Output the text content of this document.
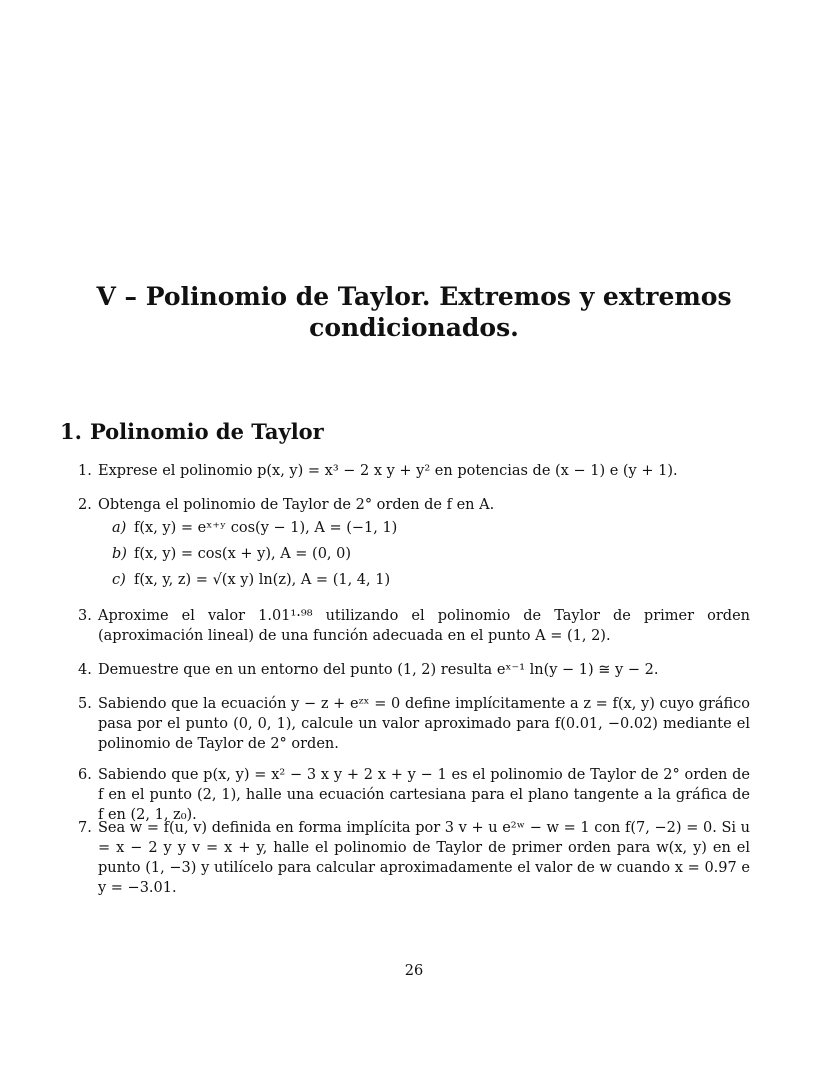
V – Polinomio de Taylor. Extremos y extremos condicionados.
1. Polinomio de Taylor
1. Exprese el polinomio p(x, y) = x³ − 2 x y + y² en potencias de (x − 1) e (y + 1).
2. Obtenga el polinomio de Taylor de 2° orden de f en A.
a) f(x, y) = eˣ⁺ʸ cos(y − 1), A = (−1, 1)
b) f(x, y) = cos(x + y), A = (0, 0)
c) f(x, y, z) = √(x y) ln(z), A = (1, 4, 1)
3. Aproxime el valor 1.01¹·⁹⁸ utilizando el polinomio de Taylor de primer orden (aproximación lineal) de una función adecuada en el punto A = (1, 2).
4. Demuestre que en un entorno del punto (1, 2) resulta eˣ⁻¹ ln(y − 1) ≅ y − 2.
5. Sabiendo que la ecuación y − z + eᶻˣ = 0 define implícitamente a z = f(x, y) cuyo gráfico pasa por el punto (0, 0, 1), calcule un valor aproximado para f(0.01, −0.02) mediante el polinomio de Taylor de 2° orden.
6. Sabiendo que p(x, y) = x² − 3 x y + 2 x + y − 1 es el polinomio de Taylor de 2° orden de f en el punto (2, 1), halle una ecuación cartesiana para el plano tangente a la gráfica de f en (2, 1, z₀).
7. Sea w = f(u, v) definida en forma implícita por 3 v + u e²ʷ − w = 1 con f(7, −2) = 0. Si u = x − 2 y y v = x + y, halle el polinomio de Taylor de primer orden para w(x, y) en el punto (1, −3) y utilícelo para calcular aproximadamente el valor de w cuando x = 0.97 e y = −3.01.
26
